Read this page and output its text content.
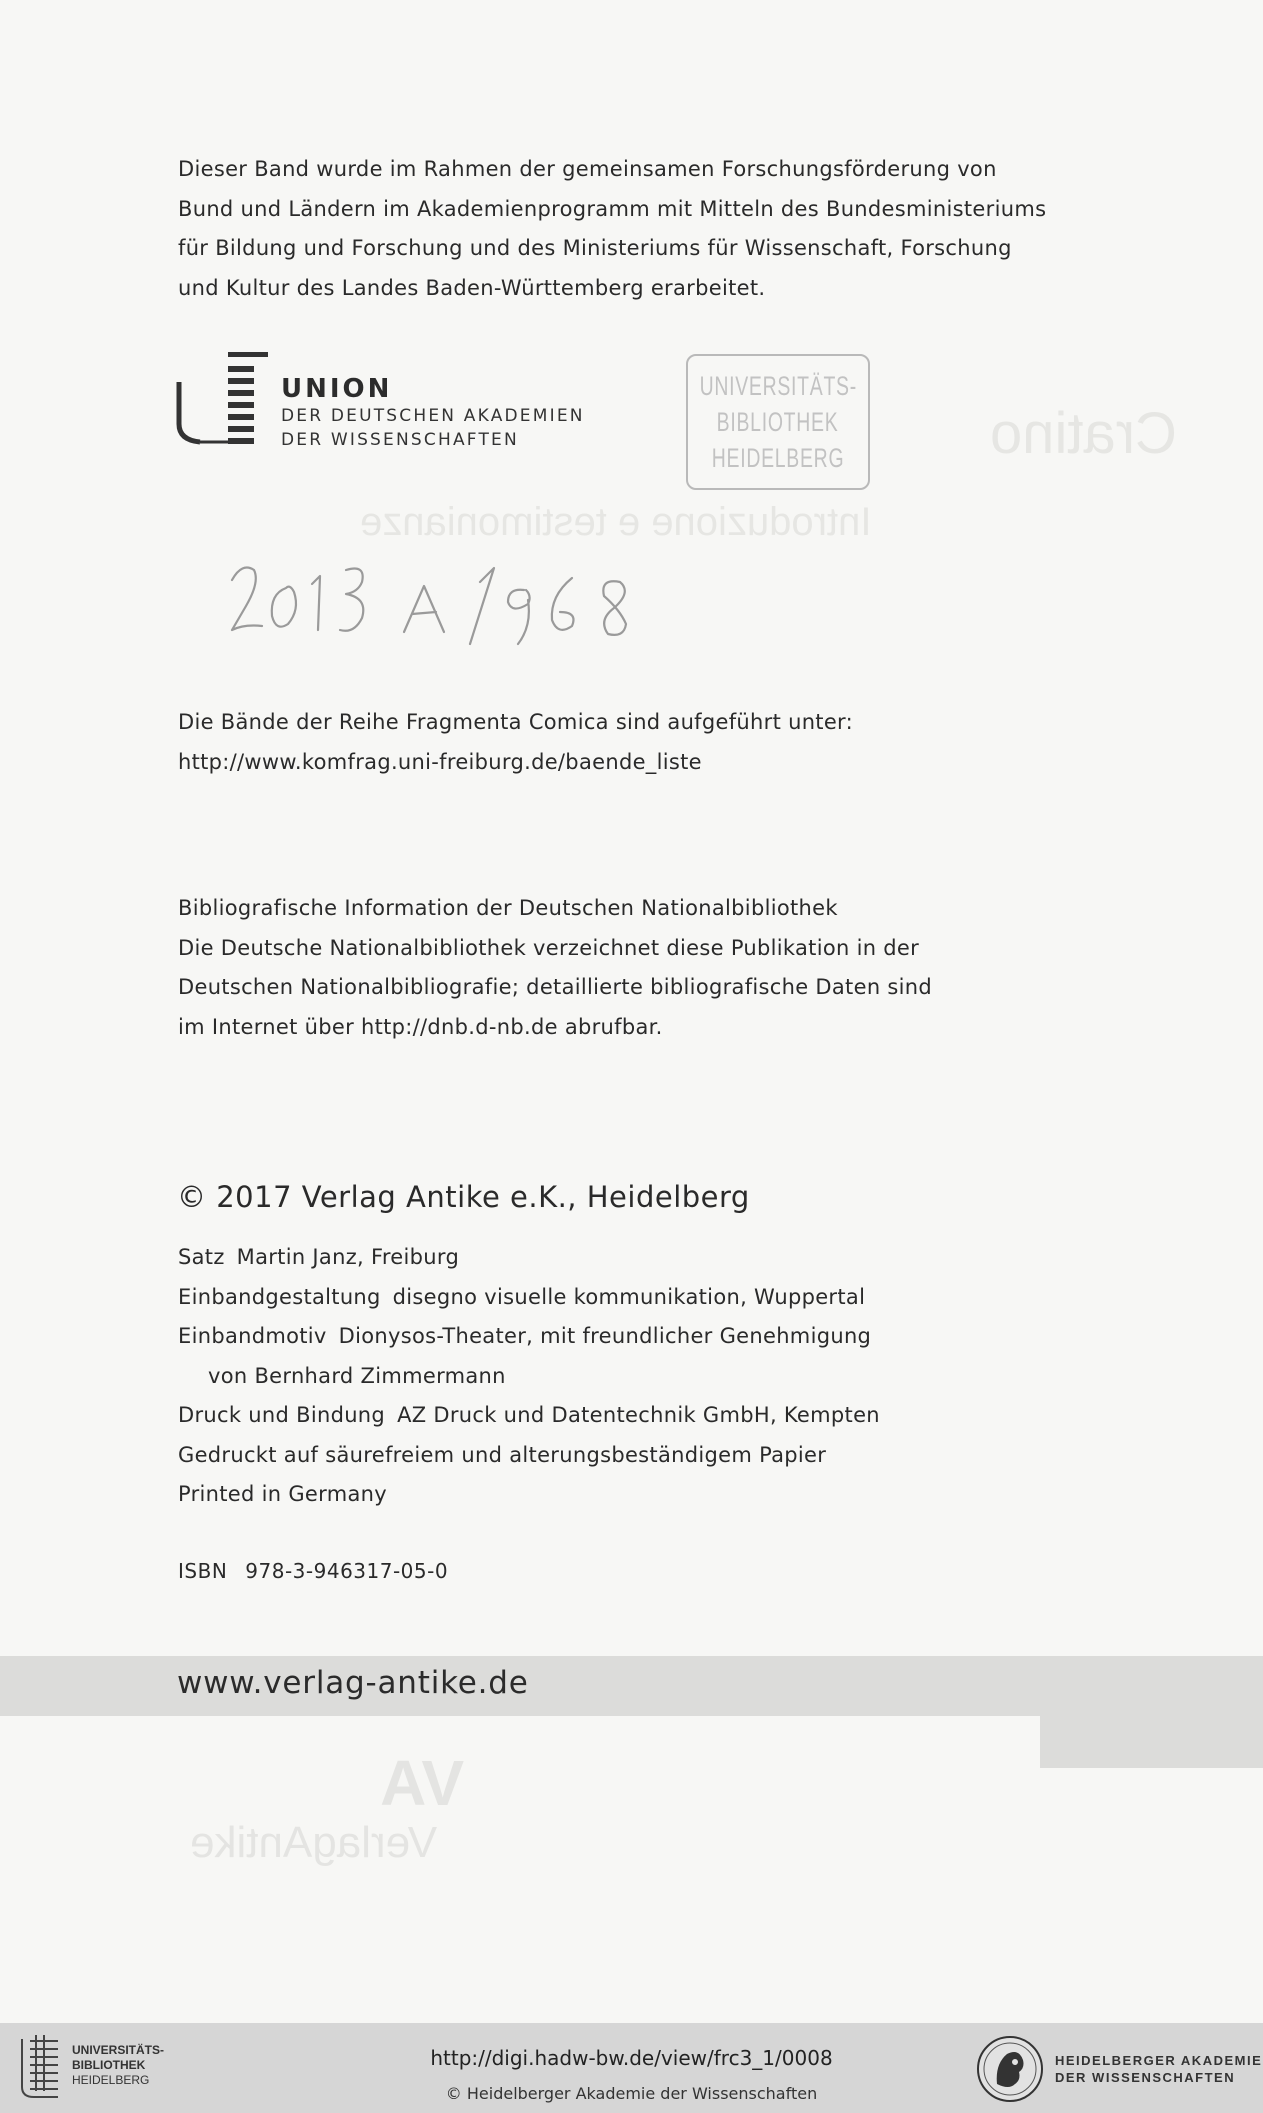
Introduzione e testimonianze
Cratino
Dieser Band wurde im Rahmen der gemeinsamen Forschungsförderung von
Bund und Ländern im Akademienprogramm mit Mitteln des Bundesministeriums
für Bildung und Forschung und des Ministeriums für Wissenschaft, Forschung
und Kultur des Landes Baden-Württemberg erarbeitet.
UNION
DER DEUTSCHEN AKADEMIEN
DER WISSENSCHAFTEN
UNIVERSITÄTS-
BIBLIOTHEK
HEIDELBERG
Die Bände der Reihe Fragmenta Comica sind aufgeführt unter:
http://www.komfrag.uni-freiburg.de/baende_liste
Bibliografische Information der Deutschen Nationalbibliothek
Die Deutsche Nationalbibliothek verzeichnet diese Publikation in der
Deutschen Nationalbibliografie; detaillierte bibliografische Daten sind
im Internet über http://dnb.d-nb.de abrufbar.
© 2017 Verlag Antike e.K., Heidelberg
Satz Martin Janz, Freiburg
Einbandgestaltung disegno visuelle kommunikation, Wuppertal
Einbandmotiv Dionysos-Theater, mit freundlicher Genehmigung
von Bernhard Zimmermann
Druck und Bindung AZ Druck und Datentechnik GmbH, Kempten
Gedruckt auf säurefreiem und alterungsbeständigem Papier
Printed in Germany
ISBN 978-3-946317-05-0
www.verlag-antike.de
VA
VerlagAntike
UNIVERSITÄTS-
BIBLIOTHEK
HEIDELBERG
http://digi.hadw-bw.de/view/frc3_1/0008
© Heidelberger Akademie der Wissenschaften
HEIDELBERGER AKADEMIE
DER WISSENSCHAFTEN
